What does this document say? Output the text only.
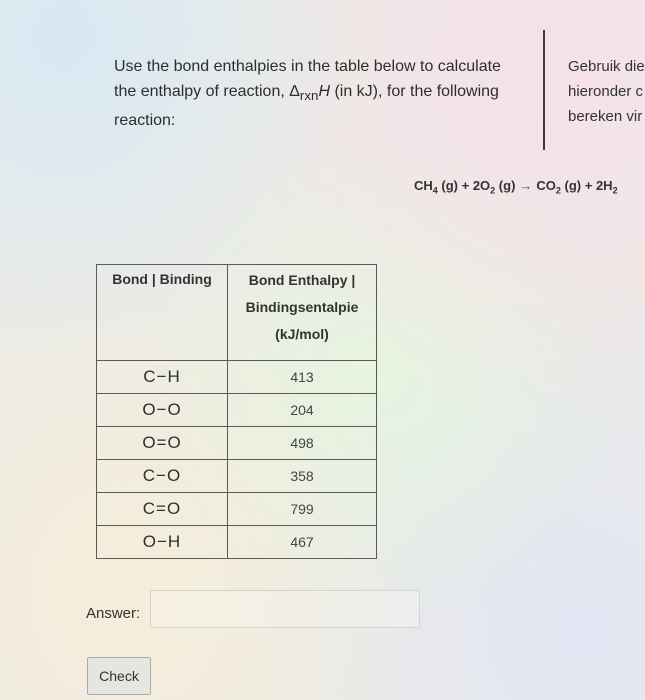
Use the bond enthalpies in the table below to calculate the enthalpy of reaction, $\Delta_{rxn}H$ (in kJ), for the following reaction:
Gebruik die
hieronder c
bereken vir
$CH_4$ $(g) + 2O_2$ $(g) \to CO_2$ $(g) + 2H_2$
Bond | Binding	Bond Enthalpy |
Bindingsentalpie
(kJ/mol)

C−H	413
O−O	204
O=O	498
C−O	358
C=O	799
O−H	467
Answer:
Check
